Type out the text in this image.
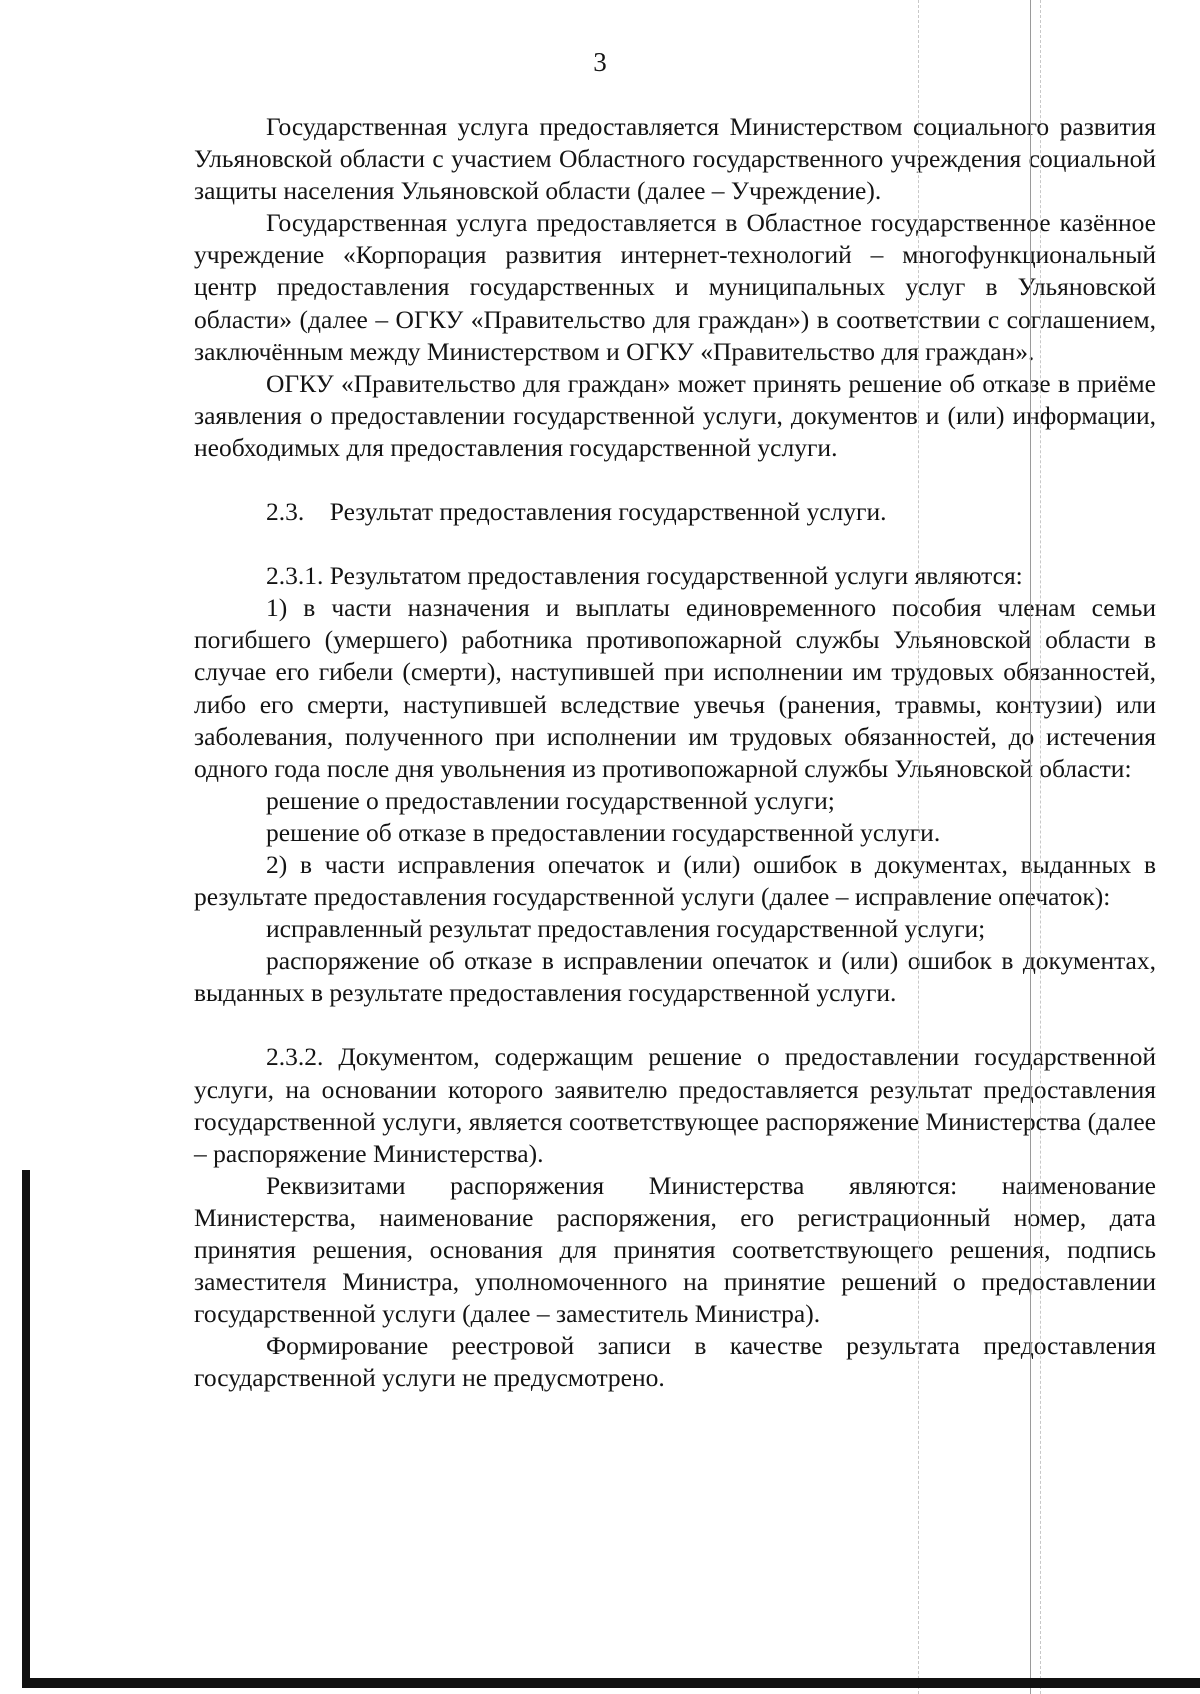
3

Государственная услуга предоставляется Министерством социального развития Ульяновской области с участием Областного государственного учреждения социальной защиты населения Ульяновской области (далее – Учреждение).

Государственная услуга предоставляется в Областное государственное казённое учреждение «Корпорация развития интернет-технологий – многофункциональный центр предоставления государственных и муниципальных услуг в Ульяновской области» (далее – ОГКУ «Правительство для граждан») в соответствии с соглашением, заключённым между Министерством и ОГКУ «Правительство для граждан».

ОГКУ «Правительство для граждан» может принять решение об отказе в приёме заявления о предоставлении государственной услуги, документов и (или) информации, необходимых для предоставления государственной услуги.

2.3.    Результат предоставления государственной услуги.

2.3.1. Результатом предоставления государственной услуги являются:

1) в части назначения и выплаты единовременного пособия членам семьи погибшего (умершего) работника противопожарной службы Ульяновской области в случае его гибели (смерти), наступившей при исполнении им трудовых обязанностей, либо его смерти, наступившей вследствие увечья (ранения, травмы, контузии) или заболевания, полученного при исполнении им трудовых обязанностей, до истечения одного года после дня увольнения из противопожарной службы Ульяновской области:

решение о предоставлении государственной услуги;

решение об отказе в предоставлении государственной услуги.

2) в части исправления опечаток и (или) ошибок в документах, выданных в результате предоставления государственной услуги (далее – исправление опечаток):

исправленный результат предоставления государственной услуги;

распоряжение об отказе в исправлении опечаток и (или) ошибок в документах, выданных в результате предоставления государственной услуги.

2.3.2. Документом, содержащим решение о предоставлении государственной услуги, на основании которого заявителю предоставляется результат предоставления государственной услуги, является соответствующее распоряжение Министерства (далее – распоряжение Министерства).

Реквизитами распоряжения Министерства являются: наименование Министерства, наименование распоряжения, его регистрационный номер, дата принятия решения, основания для принятия соответствующего решения, подпись заместителя Министра, уполномоченного на принятие решений о предоставлении государственной услуги (далее – заместитель Министра).

Формирование реестровой записи в качестве результата предоставления государственной услуги не предусмотрено.
